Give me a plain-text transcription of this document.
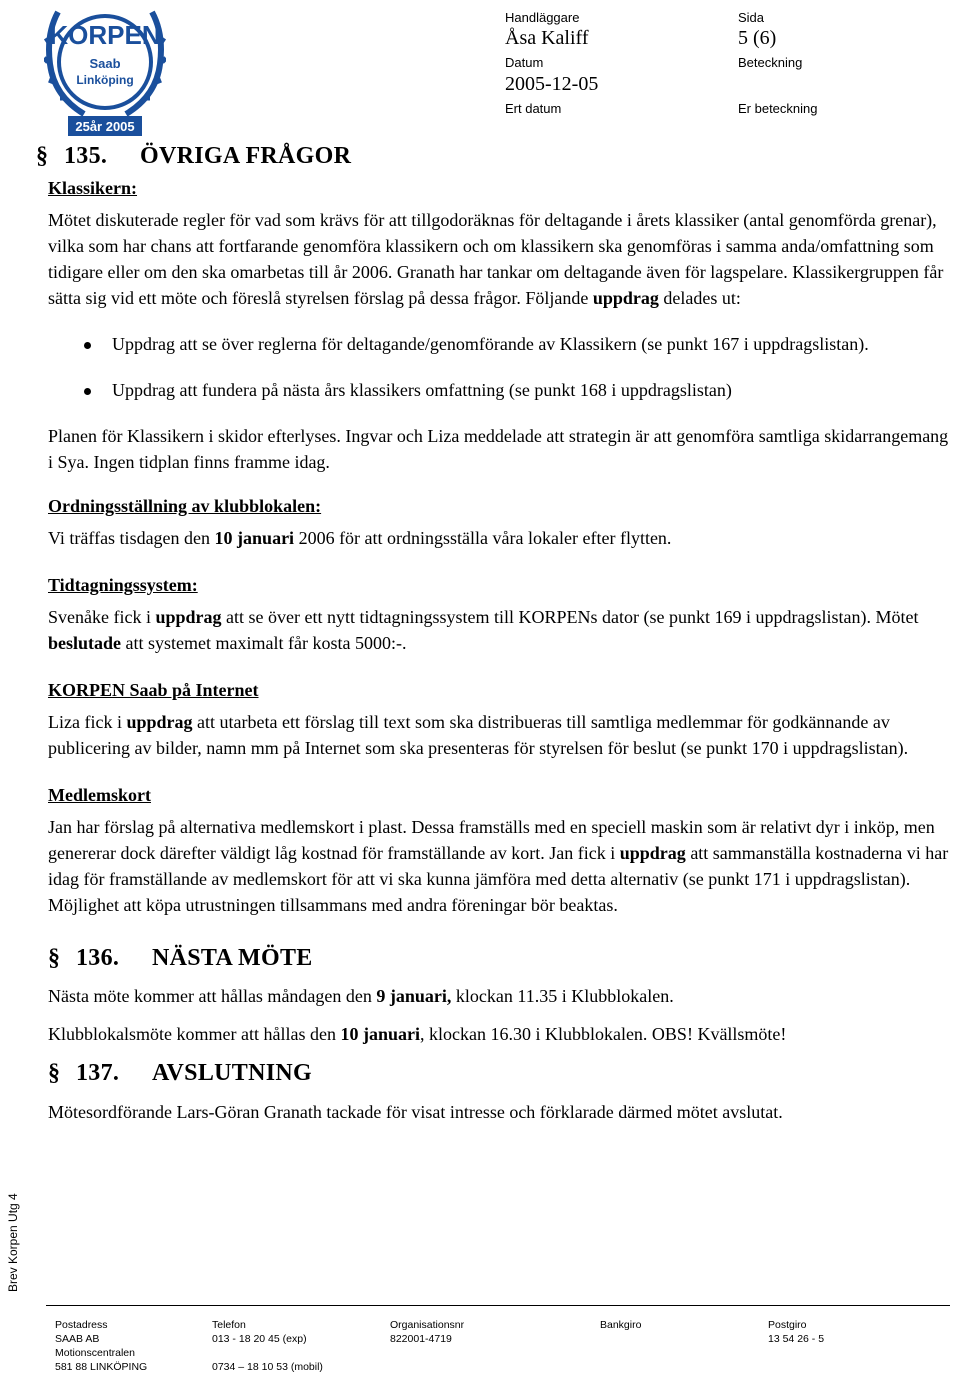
KORPEN
Saab
Linköping
25år 2005
Handläggare
Åsa Kaliff
Sida
5 (6)
Datum
2005-12-05
Beteckning
Ert datum	Er beteckning
§ 135. ÖVRIGA FRÅGOR
Klassikern:

Mötet diskuterade regler för vad som krävs för att tillgodoräknas för deltagande i årets klassiker (antal genomförda grenar), vilka som har chans att fortfarande genomföra klassikern och om klassikern ska genomföras i samma anda/omfattning som tidigare eller om den ska omarbetas till år 2006. Granath har tankar om deltagande även för lagspelare. Klassikergruppen får sätta sig vid ett möte och föreslå styrelsen förslag på dessa frågor. Följande uppdrag delades ut:

Uppdrag att se över reglerna för deltagande/genomförande av Klassikern (se punkt 167 i uppdragslistan).
Uppdrag att fundera på nästa års klassikers omfattning (se punkt 168 i uppdragslistan)

Planen för Klassikern i skidor efterlyses. Ingvar och Liza meddelade att strategin är att genomföra samtliga skidarrangemang i Sya. Ingen tidplan finns framme idag.

Ordningsställning av klubblokalen:

Vi träffas tisdagen den 10 januari 2006 för att ordningsställa våra lokaler efter flytten.

Tidtagningssystem:

Svenåke fick i uppdrag att se över ett nytt tidtagningssystem till KORPENs dator (se punkt 169 i uppdragslistan). Mötet beslutade att systemet maximalt får kosta 5000:-.

KORPEN Saab på Internet

Liza fick i uppdrag att utarbeta ett förslag till text som ska distribueras till samtliga medlemmar för godkännande av publicering av bilder, namn mm på Internet som ska presenteras för styrelsen för beslut (se punkt 170 i uppdragslistan).

Medlemskort

Jan har förslag på alternativa medlemskort i plast. Dessa framställs med en speciell maskin som är relativt dyr i inköp, men genererar dock därefter väldigt låg kostnad för framställande av kort. Jan fick i uppdrag att sammanställa kostnaderna vi har idag för framställande av medlemskort för att vi ska kunna jämföra med detta alternativ (se punkt 171 i uppdragslistan). Möjlighet att köpa utrustningen tillsammans med andra föreningar bör beaktas.

§ 136. NÄSTA MÖTE

Nästa möte kommer att hållas måndagen den 9 januari, klockan 11.35 i Klubblokalen.

Klubblokalsmöte kommer att hållas den 10 januari, klockan 16.30 i Klubblokalen. OBS! Kvällsmöte!

§ 137. AVSLUTNING

Mötesordförande Lars-Göran Granath tackade för visat intresse och förklarade därmed mötet avslutat.

Brev Korpen Utg 4
Postadress
SAAB AB
Motionscentralen
581 88 LINKÖPING
Telefon
013 - 18 20 45 (exp)

0734 – 18 10 53 (mobil)
Organisationsnr
822001-4719
Bankgiro	Postgiro
13 54 26 - 5
